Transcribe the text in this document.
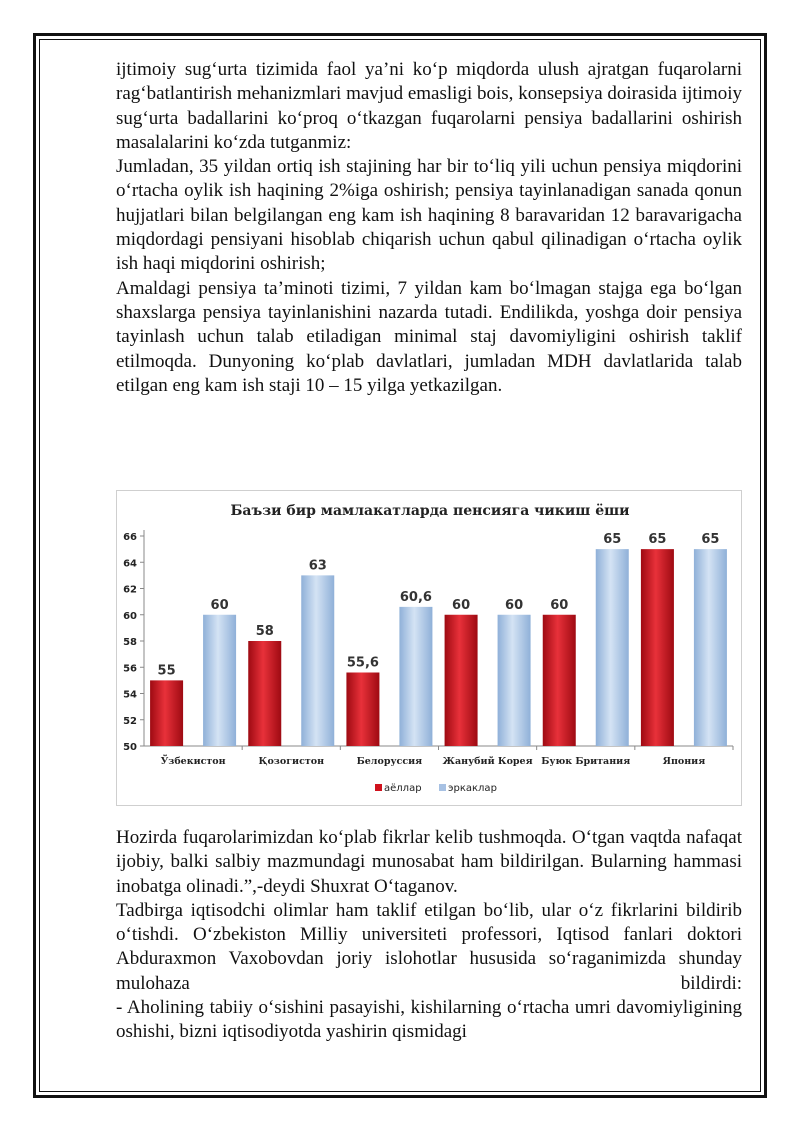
ijtimoiy sug‘urta tizimida faol ya’ni ko‘p miqdorda ulush ajratgan fuqarolarni rag‘batlantirish mehanizmlari mavjud emasligi bois, konsepsiya doirasida ijtimoiy sug‘urta badallarini ko‘proq o‘tkazgan fuqarolarni pensiya badallarini oshirish masalalarini ko‘zda tutganmiz:

Jumladan, 35 yildan ortiq ish stajining har bir to‘liq yili uchun pensiya miqdorini o‘rtacha oylik ish haqining 2%iga oshirish; pensiya tayinlanadigan sanada qonun hujjatlari bilan belgilangan eng kam ish haqining 8 baravaridan 12 baravarigacha miqdordagi pensiyani hisoblab chiqarish uchun qabul qilinadigan o‘rtacha oylik ish haqi miqdorini oshirish;

Amaldagi pensiya ta’minoti tizimi, 7 yildan kam bo‘lmagan stajga ega bo‘lgan shaxslarga pensiya tayinlanishini nazarda tutadi. Endilikda, yoshga doir pensiya tayinlash uchun talab etiladigan minimal staj davomiyligini oshirish taklif etilmoqda. Dunyoning ko‘plab davlatlari, jumladan MDH davlatlarida talab etilgan eng kam ish staji 10 – 15 yilga yetkazilgan.

Баъзи бир мамлакатларда пенсияга чикиш ёши
50
52
54
56
58
60
62
64
66
55
60
Ўзбекистон
58
63
Қозогистон
55,6
60,6
Белоруссия
60	60
Жанубий Корея
60
65
Буюк Британия
65	65
Япония
аёллар	эркаклар

Hozirda fuqarolarimizdan ko‘plab fikrlar kelib tushmoqda. O‘tgan vaqtda nafaqat ijobiy, balki salbiy mazmundagi munosabat ham bildirilgan. Bularning hammasi inobatga olinadi.”,-deydi Shuxrat O‘taganov.

Tadbirga iqtisodchi olimlar ham taklif etilgan bo‘lib, ular o‘z fikrlarini bildirib o‘tishdi. O‘zbekiston Milliy universiteti professori, Iqtisod fanlari doktori Abduraxmon Vaxobovdan joriy islohotlar hususida so‘raganimizda shunday mulohaza bildirdi:

- Aholining tabiiy o‘sishini pasayishi, kishilarning o‘rtacha umri davomiyligining oshishi, bizni iqtisodiyotda yashirin qismidagi
